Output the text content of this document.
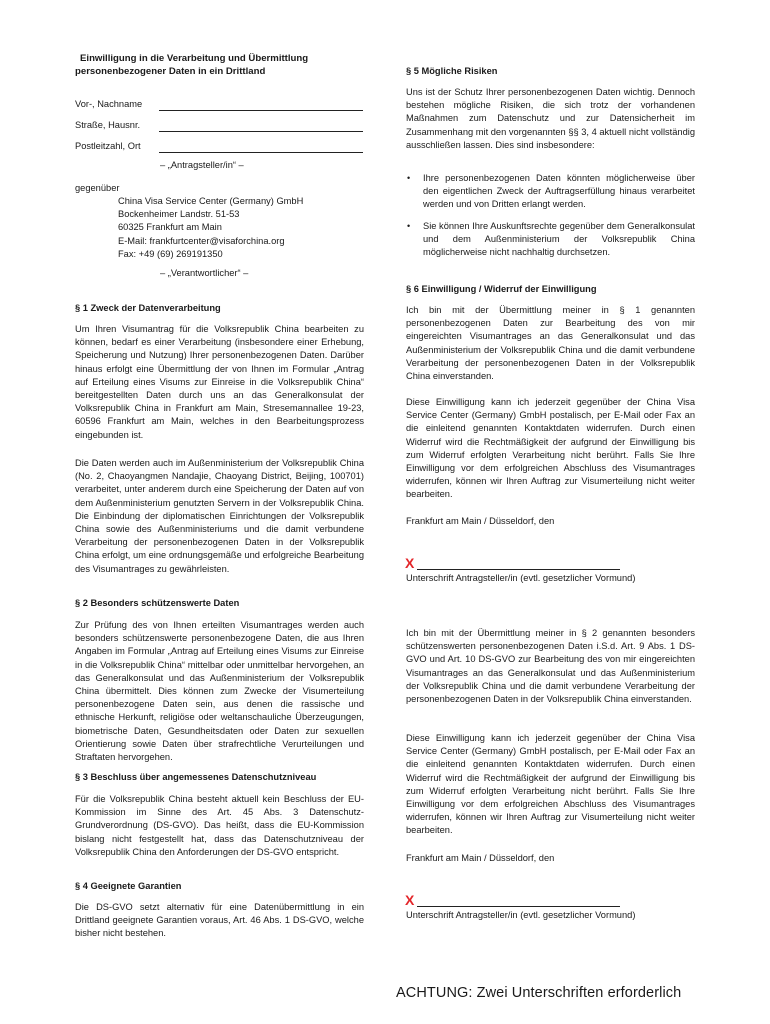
Einwilligung in die Verarbeitung und Übermittlung
personenbezogener Daten in ein Drittland
Vor-, Nachname
Straße, Hausnr.
Postleitzahl, Ort
– „Antragsteller/in“ –
gegenüber
China Visa Service Center (Germany) GmbH
Bockenheimer Landstr. 51-53
60325 Frankfurt am Main
E-Mail: frankfurtcenter@visaforchina.org
Fax: +49 (69) 269191350
– „Verantwortlicher“ –
§ 1 Zweck der Datenverarbeitung
Um Ihren Visumantrag für die Volksrepublik China bearbeiten zu können, bedarf es einer Verarbeitung (insbesondere einer Erhebung, Speicherung und Nutzung) Ihrer personenbezogenen Daten. Darüber hinaus erfolgt eine Übermittlung der von Ihnen im Formular „Antrag auf Erteilung eines Visums zur Einreise in die Volksrepublik China“ bereitgestellten Daten durch uns an das Generalkonsulat der Volksrepublik China in Frankfurt am Main, Stresemannallee 19-23, 60596 Frankfurt am Main, welches in den Bearbeitungsprozess eingebunden ist.
Die Daten werden auch im Außenministerium der Volksrepublik China (No. 2, Chaoyangmen Nandajie, Chaoyang District, Beijing, 100701) verarbeitet, unter anderem durch eine Speicherung der Daten auf von dem Außenministerium genutzten Servern in der Volksrepublik China. Die Einbindung der diplomatischen Einrichtungen der Volksrepublik China sowie des Außenministeriums und die damit verbundene Verarbeitung der personenbezogenen Daten in der Volksrepublik China erfolgt, um eine ordnungsgemäße und erfolgreiche Bearbeitung des Visumantrages zu gewährleisten.
§ 2 Besonders schützenswerte Daten
Zur Prüfung des von Ihnen erteilten Visumantrages werden auch besonders schützenswerte personenbezogene Daten, die aus Ihren Angaben im Formular „Antrag auf Erteilung eines Visums zur Einreise in die Volksrepublik China“ mittelbar oder unmittelbar hervorgehen, an das Generalkonsulat und das Außenministerium der Volksrepublik China übermittelt. Dies können zum Zwecke der Visumerteilung personenbezogene Daten sein, aus denen die rassische und ethnische Herkunft, religiöse oder weltanschauliche Überzeugungen, biometrische Daten, Gesundheitsdaten oder Daten zur sexuellen Orientierung sowie Daten über strafrechtliche Verurteilungen und Straftaten hervorgehen.
§ 3 Beschluss über angemessenes Datenschutzniveau
Für die Volksrepublik China besteht aktuell kein Beschluss der EU-Kommission im Sinne des Art. 45 Abs. 3 Datenschutz-Grundverordnung (DS-GVO). Das heißt, dass die EU-Kommission bislang nicht festgestellt hat, dass das Datenschutzniveau der Volksrepublik China den Anforderungen der DS-GVO entspricht.
§ 4 Geeignete Garantien
Die DS-GVO setzt alternativ für eine Datenübermittlung in ein Drittland geeignete Garantien voraus, Art. 46 Abs. 1 DS-GVO, welche bisher nicht bestehen.
§ 5 Mögliche Risiken
Uns ist der Schutz Ihrer personenbezogenen Daten wichtig. Dennoch bestehen mögliche Risiken, die sich trotz der vorhandenen Maßnahmen zum Datenschutz und zur Datensicherheit im Zusammenhang mit den vorgenannten §§ 3, 4 aktuell nicht vollständig ausschließen lassen. Dies sind insbesondere:
• Ihre personenbezogenen Daten könnten möglicherweise über den eigentlichen Zweck der Auftragserfüllung hinaus verarbeitet werden und von Dritten erlangt werden.
• Sie können Ihre Auskunftsrechte gegenüber dem Generalkonsulat und dem Außenministerium der Volksrepublik China möglicherweise nicht nachhaltig durchsetzen.
§ 6 Einwilligung / Widerruf der Einwilligung
Ich bin mit der Übermittlung meiner in § 1 genannten personenbezogenen Daten zur Bearbeitung des von mir eingereichten Visumantrages an das Generalkonsulat und das Außenministerium der Volksrepublik China und die damit verbundene Verarbeitung der personenbezogenen Daten in der Volksrepublik China einverstanden.
Diese Einwilligung kann ich jederzeit gegenüber der China Visa Service Center (Germany) GmbH postalisch, per E-Mail oder Fax an die einleitend genannten Kontaktdaten widerrufen. Durch einen Widerruf wird die Rechtmäßigkeit der aufgrund der Einwilligung bis zum Widerruf erfolgten Verarbeitung nicht berührt. Falls Sie Ihre Einwilligung vor dem erfolgreichen Abschluss des Visumantrages widerrufen, können wir Ihren Auftrag zur Visumerteilung nicht weiter bearbeiten.
Frankfurt am Main / Düsseldorf, den
X
Unterschrift Antragsteller/in (evtl. gesetzlicher Vormund)
Ich bin mit der Übermittlung meiner in § 2 genannten besonders schützenswerten personenbezogenen Daten i.S.d. Art. 9 Abs. 1 DS-GVO und Art. 10 DS-GVO zur Bearbeitung des von mir eingereichten Visumantrages an das Generalkonsulat und das Außenministerium der Volksrepublik China und die damit verbundene Verarbeitung der personenbezogenen Daten in der Volksrepublik China einverstanden.
Diese Einwilligung kann ich jederzeit gegenüber der China Visa Service Center (Germany) GmbH postalisch, per E-Mail oder Fax an die einleitend genannten Kontaktdaten widerrufen. Durch einen Widerruf wird die Rechtmäßigkeit der aufgrund der Einwilligung bis zum Widerruf erfolgten Verarbeitung nicht berührt. Falls Sie Ihre Einwilligung vor dem erfolgreichen Abschluss des Visumantrages widerrufen, können wir Ihren Auftrag zur Visumerteilung nicht weiter bearbeiten.
Frankfurt am Main / Düsseldorf, den
X
Unterschrift Antragsteller/in (evtl. gesetzlicher Vormund)
ACHTUNG: Zwei Unterschriften erforderlich
